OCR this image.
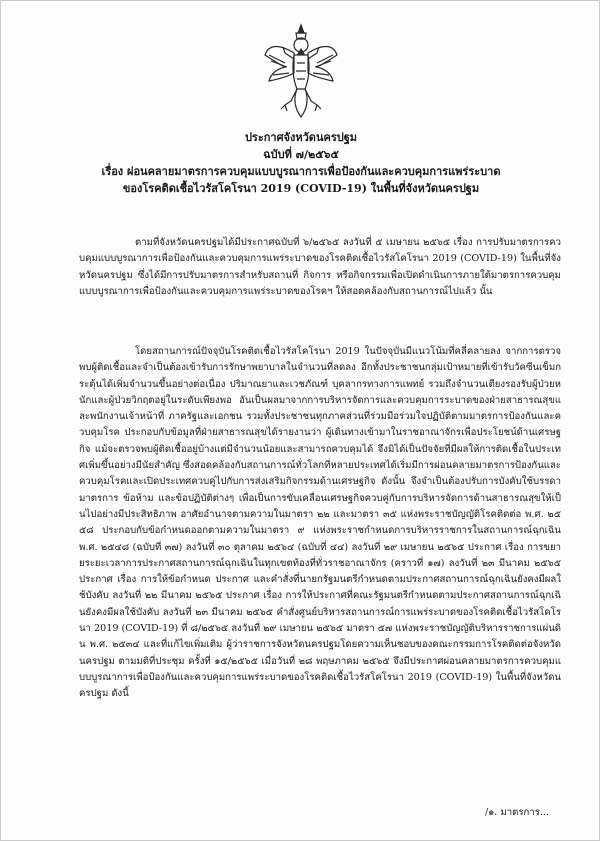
ประกาศจังหวัดนครปฐม

ฉบับที่ ๗/๒๕๖๕

เรื่อง ผ่อนคลายมาตรการควบคุมแบบบูรณาการเพื่อป้องกันและควบคุมการแพร่ระบาด

ของโรคติดเชื้อไวรัสโคโรนา 2019 (COVID-19) ในพื้นที่จังหวัดนครปฐม

ตามที่จังหวัดนครปฐมได้มีประกาศฉบับที่ ๖/๒๕๖๕ ลงวันที่ ๕ เมษายน ๒๕๖๕ เรื่อง การปรับมาตรการควบคุมแบบบูรณาการเพื่อป้องกันและควบคุมการแพร่ระบาดของโรคติดเชื้อไวรัสโคโรนา 2019 (COVID-19) ในพื้นที่จังหวัดนครปฐม ซึ่งได้มีการปรับมาตรการสำหรับสถานที่ กิจการ หรือกิจกรรมเพื่อเปิดดำเนินการภายใต้มาตรการควบคุมแบบบูรณาการเพื่อป้องกันและควบคุมการแพร่ระบาดของโรคฯ ให้สอดคล้องกับสถานการณ์ไปแล้ว นั้น

โดยสถานการณ์ปัจจุบันโรคติดเชื้อไวรัสโคโรนา 2019 ในปัจจุบันมีแนวโน้มที่คลี่คลายลง จากการตรวจพบผู้ติดเชื้อและจำเป็นต้องเข้ารับการรักษาพยาบาลในจำนวนที่ลดลง อีกทั้งประชาชนกลุ่มเป้าหมายที่เข้ารับวัคซีนเข็มกระตุ้นได้เพิ่มจำนวนขึ้นอย่างต่อเนื่อง ปริมาณยาและเวชภัณฑ์ บุคลากรทางการแพทย์ รวมถึงจำนวนเตียงรองรับผู้ป่วยหนักและผู้ป่วยวิกฤตอยู่ในระดับเพียงพอ อันเป็นผลมาจากการบริหารจัดการและควบคุมการระบาดของฝ่ายสาธารณสุขและพนักงานเจ้าหน้าที่ ภาครัฐและเอกชน รวมทั้งประชาชนทุกภาคส่วนที่ร่วมมือร่วมใจปฏิบัติตามมาตรการป้องกันและควบคุมโรค ประกอบกับข้อมูลที่ฝ่ายสาธารณสุขได้รายงานว่า ผู้เดินทางเข้ามาในราชอาณาจักรเพื่อประโยชน์ด้านเศรษฐกิจ แม้จะตรวจพบผู้ติดเชื้ออยู่บ้างแต่มีจำนวนน้อยและสามารถควบคุมได้ จึงมิได้เป็นปัจจัยที่มีผลให้การติดเชื้อในประเทศเพิ่มขึ้นอย่างมีนัยสำคัญ ซึ่งสอดคล้องกับสถานการณ์ทั่วโลกที่หลายประเทศได้เริ่มมีการผ่อนคลายมาตรการป้องกันและควบคุมโรคและเปิดประเทศควบคู่ไปกับการส่งเสริมกิจกรรมด้านเศรษฐกิจ ดังนั้น จึงจำเป็นต้องปรับการบังคับใช้บรรดามาตรการ ข้อห้าม และข้อปฏิบัติต่างๆ เพื่อเป็นการขับเคลื่อนเศรษฐกิจควบคู่กับการบริหารจัดการด้านสาธารณสุขให้เป็นไปอย่างมีประสิทธิภาพ อาศัยอำนาจตามความในมาตรา ๒๒ และมาตรา ๓๕ แห่งพระราชบัญญัติโรคติดต่อ พ.ศ. ๒๕๕๘ ประกอบกับข้อกำหนดออกตามความในมาตรา ๙ แห่งพระราชกำหนดการบริหารราชการในสถานการณ์ฉุกเฉิน พ.ศ. ๒๕๔๘ (ฉบับที่ ๓๗) ลงวันที่ ๓๐ ตุลาคม ๒๕๖๔ (ฉบับที่ ๔๔) ลงวันที่ ๒๙ เมษายน ๒๕๖๕ ประกาศ เรื่อง การขยายระยะเวลาการประกาศสถานการณ์ฉุกเฉินในทุกเขตท้องที่ทั่วราชอาณาจักร (คราวที่ ๑๗) ลงวันที่ ๒๓ มีนาคม ๒๕๖๕ ประกาศ เรื่อง การให้ข้อกำหนด ประกาศ และคำสั่งที่นายกรัฐมนตรีกำหนดตามประกาศสถานการณ์ฉุกเฉินยังคงมีผลใช้บังคับ ลงวันที่ ๒๒ มีนาคม ๒๕๖๕ ประกาศ เรื่อง การให้ประกาศที่คณะรัฐมนตรีกำหนดตามประกาศสถานการณ์ฉุกเฉินยังคงมีผลใช้บังคับ ลงวันที่ ๒๓ มีนาคม ๒๕๖๕ คำสั่งศูนย์บริหารสถานการณ์การแพร่ระบาดของโรคติดเชื้อไวรัสโคโรนา 2019 (COVID-19) ที่ ๘/๒๕๖๕ ลงวันที่ ๒๙ เมษายน ๒๕๖๕ มาตรา ๕๗ แห่งพระราชบัญญัติบริหารราชการแผ่นดิน พ.ศ. ๒๕๓๔ และที่แก้ไขเพิ่มเติม ผู้ว่าราชการจังหวัดนครปฐมโดยความเห็นชอบของคณะกรรมการโรคติดต่อจังหวัดนครปฐม ตามมติที่ประชุม ครั้งที่ ๑๕/๒๕๖๕ เมื่อวันที่ ๒๘ พฤษภาคม ๒๕๖๕ จึงมีประกาศผ่อนคลายมาตรการควบคุมแบบบูรณาการเพื่อป้องกันและควบคุมการแพร่ระบาดของโรคติดเชื้อไวรัสโคโรนา 2019 (COVID-19) ในพื้นที่จังหวัดนครปฐม ดังนี้

/๑. มาตรการ...
